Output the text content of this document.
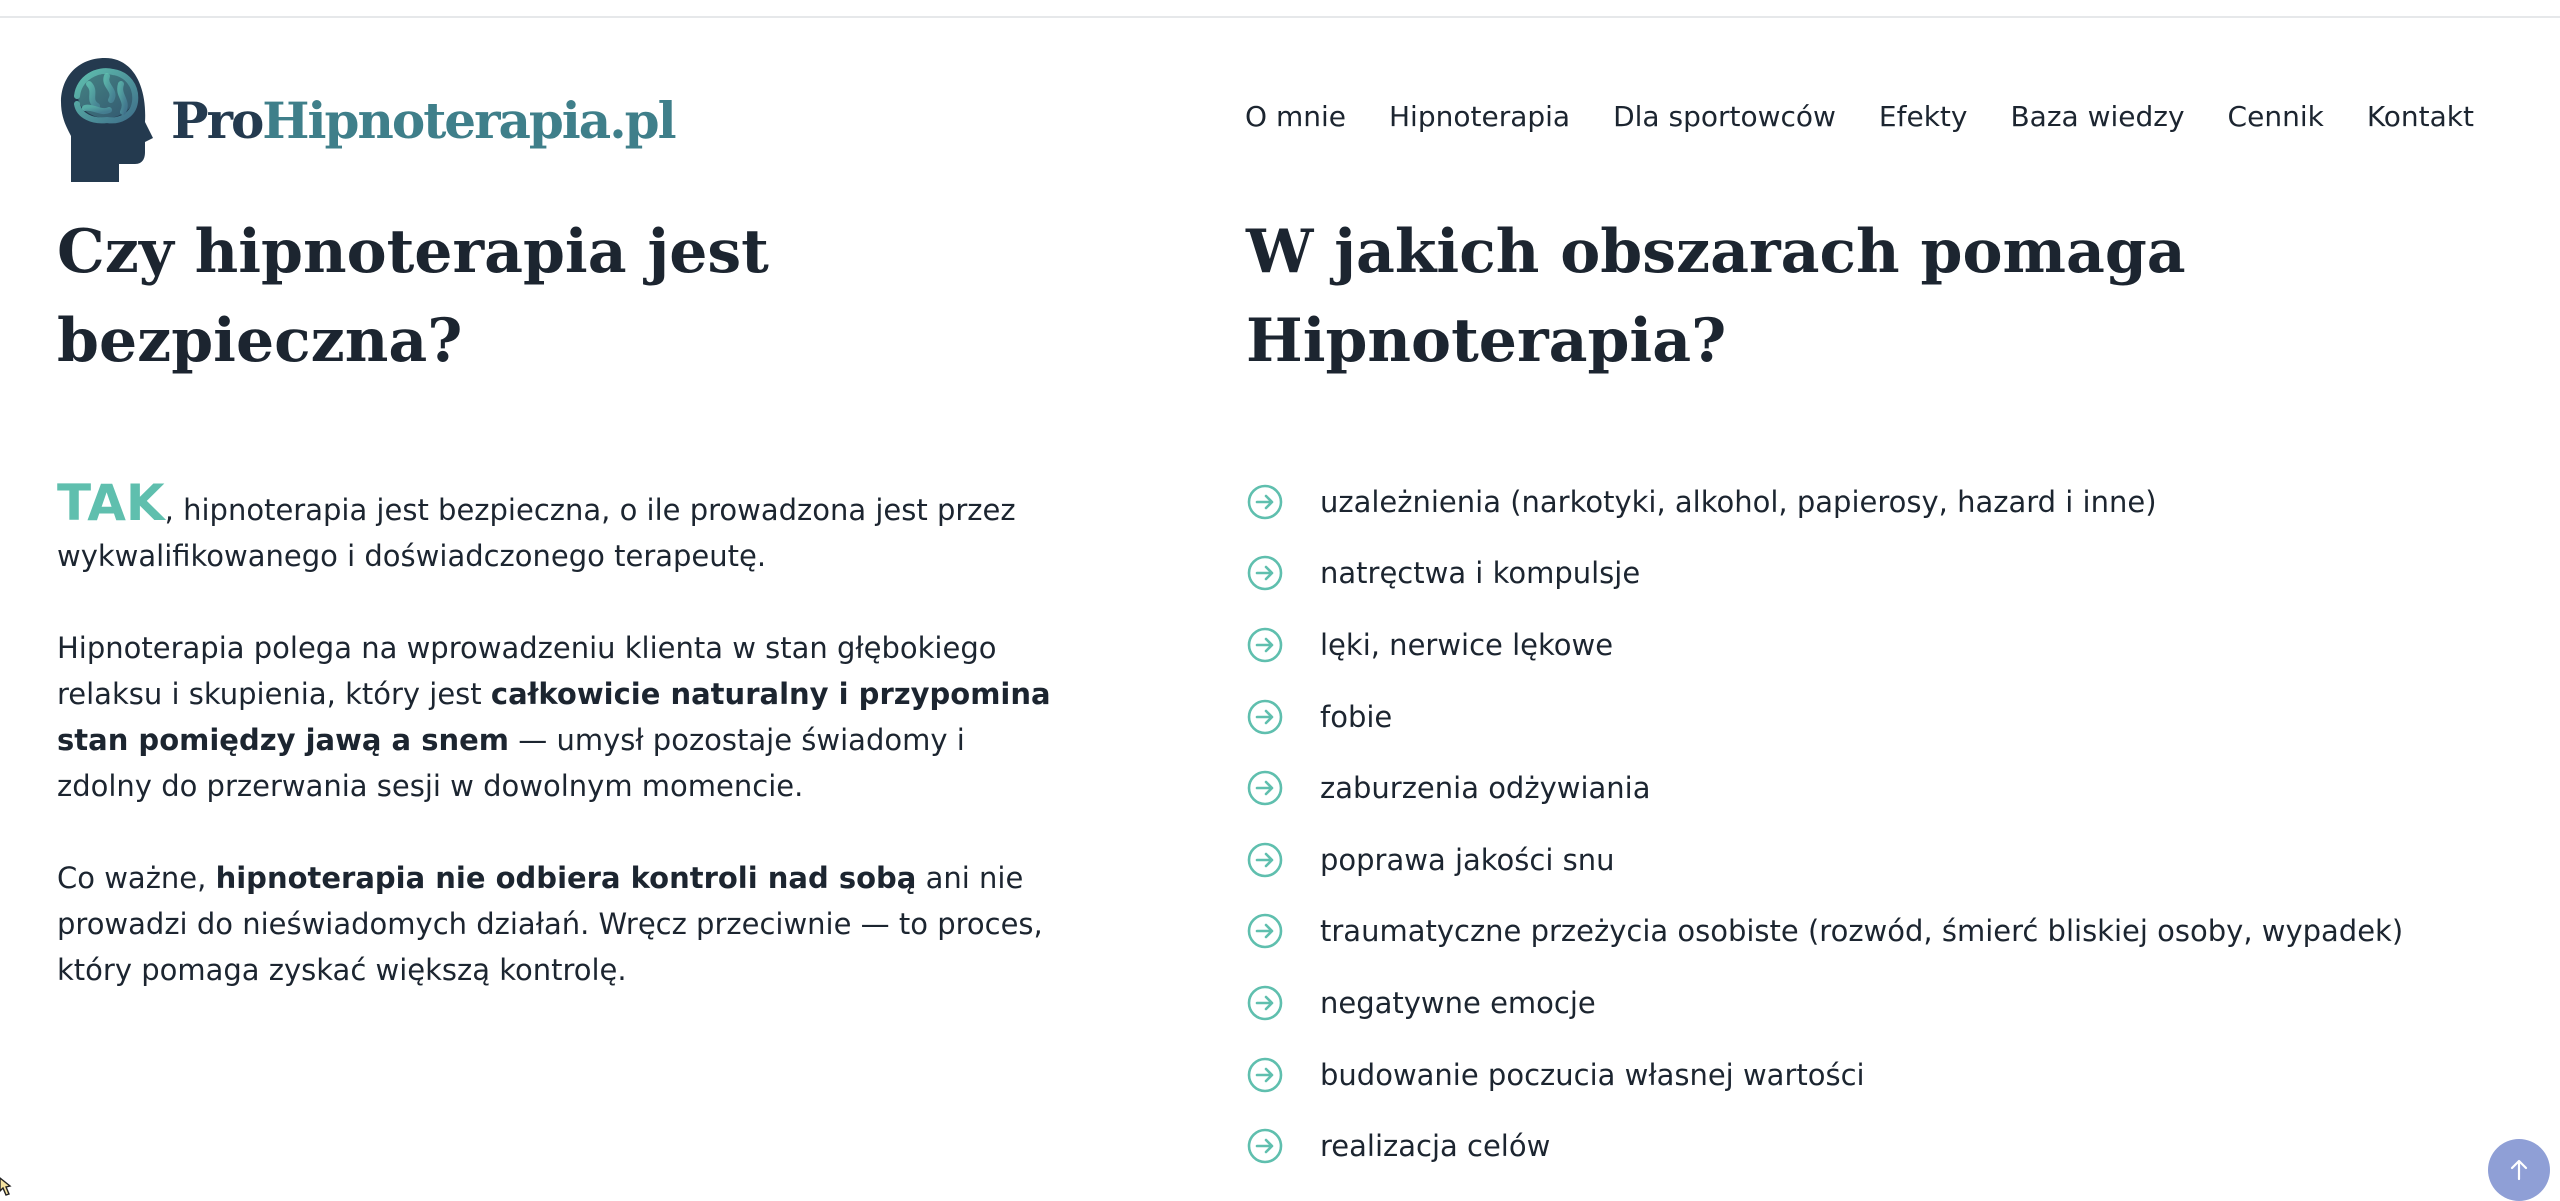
ProHipnoterapia.pl	O mnie Hipnoterapia Dla sportowców Efekty Baza wiedzy Cennik Kontakt
Czy hipnoterapia jest bezpieczna?
W jakich obszarach pomaga Hipnoterapia?

TAK, hipnoterapia jest bezpieczna, o ile prowadzona jest przez wykwalifikowanego i doświadczonego terapeutę.

Hipnoterapia polega na wprowadzeniu klienta w stan głębokiego relaksu i skupienia, który jest całkowicie naturalny i przypomina stan pomiędzy jawą a snem — umysł pozostaje świadomy i zdolny do przerwania sesji w dowolnym momencie.

Co ważne, hipnoterapia nie odbiera kontroli nad sobą ani nie prowadzi do nieświadomych działań. Wręcz przeciwnie — to proces, który pomaga zyskać większą kontrolę.

uzależnienia (narkotyki, alkohol, papierosy, hazard i inne)
natręctwa i kompulsje
lęki, nerwice lękowe
fobie
zaburzenia odżywiania
poprawa jakości snu
traumatyczne przeżycia osobiste (rozwód, śmierć bliskiej osoby, wypadek)
negatywne emocje
budowanie poczucia własnej wartości
realizacja celów
